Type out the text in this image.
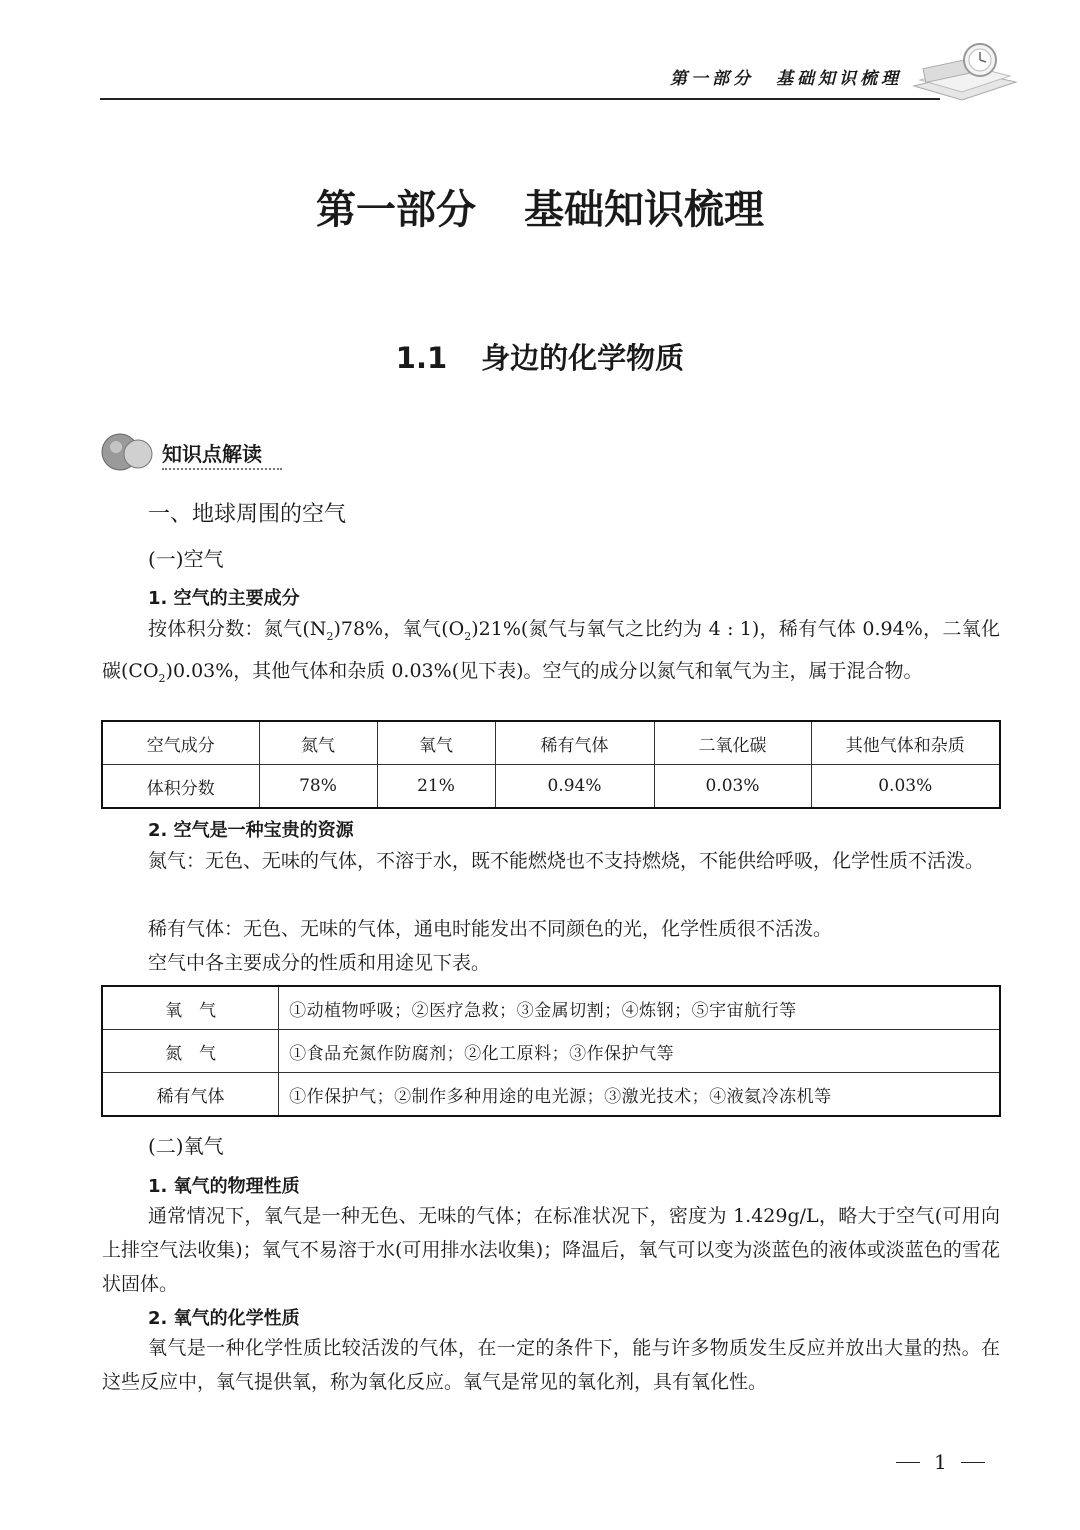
第一部分 基础知识梳理
第一部分 基础知识梳理
1.1 身边的化学物质
知识点解读
一、地球周围的空气
(一)空气
1. 空气的主要成分

按体积分数：氮气$(N_2)78\%$，氧气$(O_2)21\%$(氮气与氧气之比约为 4 : 1)，稀有气体 0.94%，二氧化碳$(CO_2)0.03\%$，其他气体和杂质 0.03%(见下表)。空气的成分以氮气和氧气为主，属于混合物。

空气成分	氮气	氧气	稀有气体	二氧化碳	其他气体和杂质
体积分数	78%	21%	0.94%	0.03%	0.03%
2. 空气是一种宝贵的资源

氮气：无色、无味的气体，不溶于水，既不能燃烧也不支持燃烧，不能供给呼吸，化学性质不活泼。

稀有气体：无色、无味的气体，通电时能发出不同颜色的光，化学性质很不活泼。

空气中各主要成分的性质和用途见下表。

氧　气	①动植物呼吸；②医疗急救；③金属切割；④炼钢；⑤宇宙航行等
氮　气	①食品充氮作防腐剂；②化工原料；③作保护气等
稀有气体	①作保护气；②制作多种用途的电光源；③激光技术；④液氦冷冻机等
(二)氧气
1. 氧气的物理性质

通常情况下，氧气是一种无色、无味的气体；在标准状况下，密度为 1.429g/L，略大于空气(可用向上排空气法收集)；氧气不易溶于水(可用排水法收集)；降温后，氧气可以变为淡蓝色的液体或淡蓝色的雪花状固体。

2. 氧气的化学性质

氧气是一种化学性质比较活泼的气体，在一定的条件下，能与许多物质发生反应并放出大量的热。在这些反应中，氧气提供氧，称为氧化反应。氧气是常见的氧化剂，具有氧化性。

1
